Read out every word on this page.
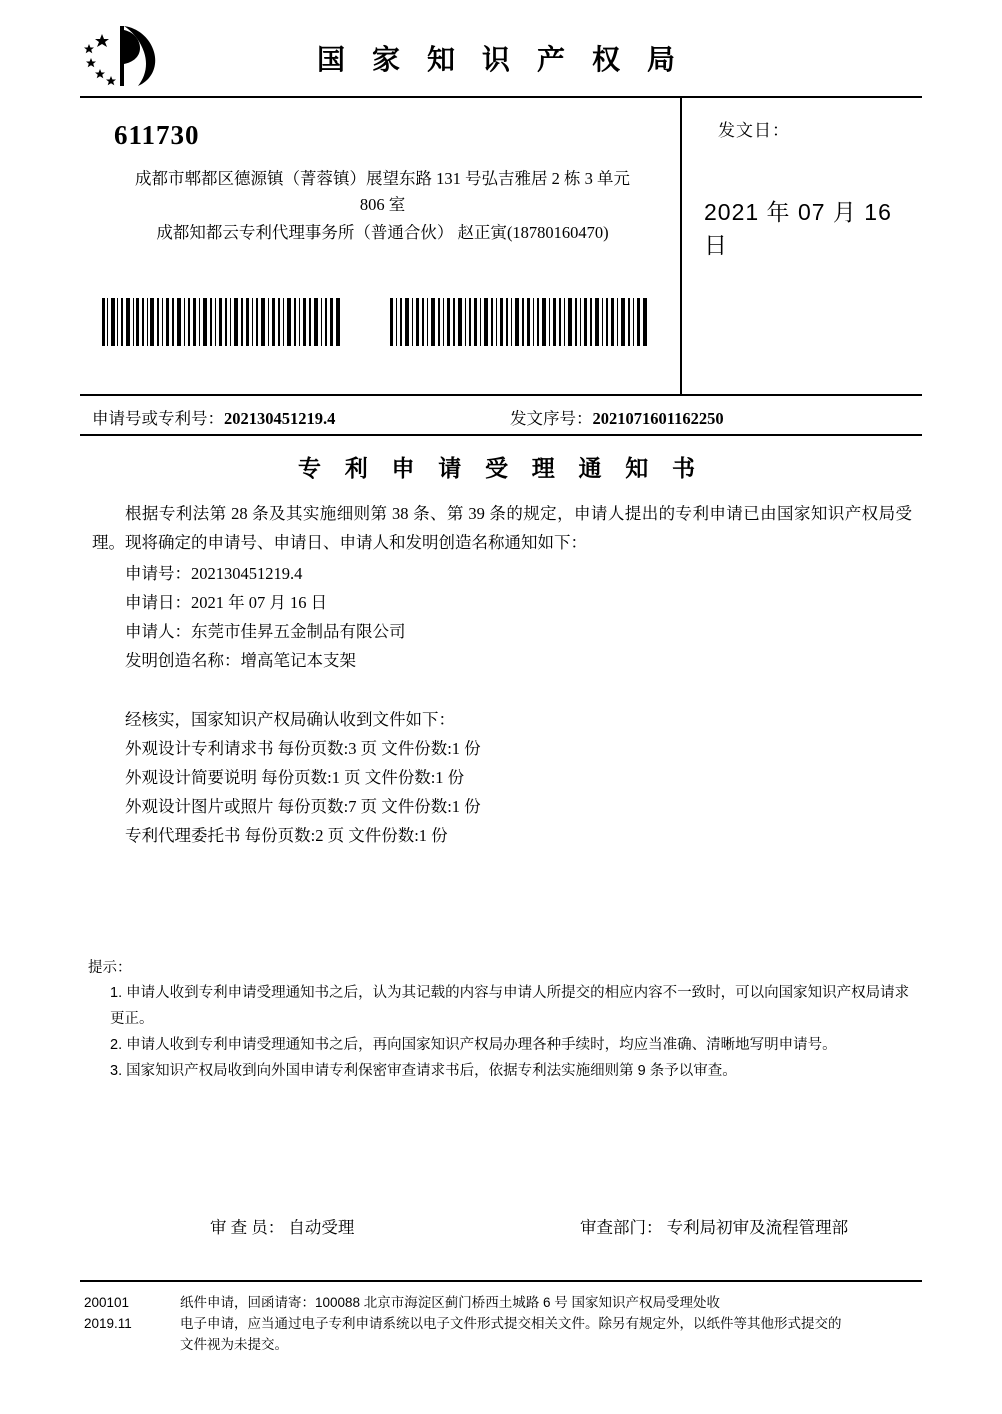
国 家 知 识 产 权 局
611730
成都市郫都区德源镇（菁蓉镇）展望东路 131 号弘吉雅居 2 栋 3 单元
806 室
成都知都云专利代理事务所（普通合伙） 赵正寅(18780160470)

发文日：
2021 年 07 月 16 日
申请号或专利号：202130451219.4	发文序号：2021071601162250
专 利 申 请 受 理 通 知 书
根据专利法第 28 条及其实施细则第 38 条、第 39 条的规定，申请人提出的专利申请已由国家知识产权局受理。现将确定的申请号、申请日、申请人和发明创造名称通知如下：
申请号：202130451219.4
申请日：2021 年 07 月 16 日
申请人：东莞市佳昇五金制品有限公司
发明创造名称：增高笔记本支架
经核实，国家知识产权局确认收到文件如下：
外观设计专利请求书 每份页数:3 页 文件份数:1 份
外观设计简要说明 每份页数:1 页 文件份数:1 份
外观设计图片或照片 每份页数:7 页 文件份数:1 份
专利代理委托书 每份页数:2 页 文件份数:1 份
提示：
1. 申请人收到专利申请受理通知书之后，认为其记载的内容与申请人所提交的相应内容不一致时，可以向国家知识产权局请求更正。
2. 申请人收到专利申请受理通知书之后，再向国家知识产权局办理各种手续时，均应当准确、清晰地写明申请号。
3. 国家知识产权局收到向外国申请专利保密审查请求书后，依据专利法实施细则第 9 条予以审查。
审 查 员： 自动受理	审查部门： 专利局初审及流程管理部
200101
2019.11
纸件申请，回函请寄：100088 北京市海淀区蓟门桥西土城路 6 号 国家知识产权局受理处收
电子申请，应当通过电子专利申请系统以电子文件形式提交相关文件。除另有规定外，以纸件等其他形式提交的
文件视为未提交。
